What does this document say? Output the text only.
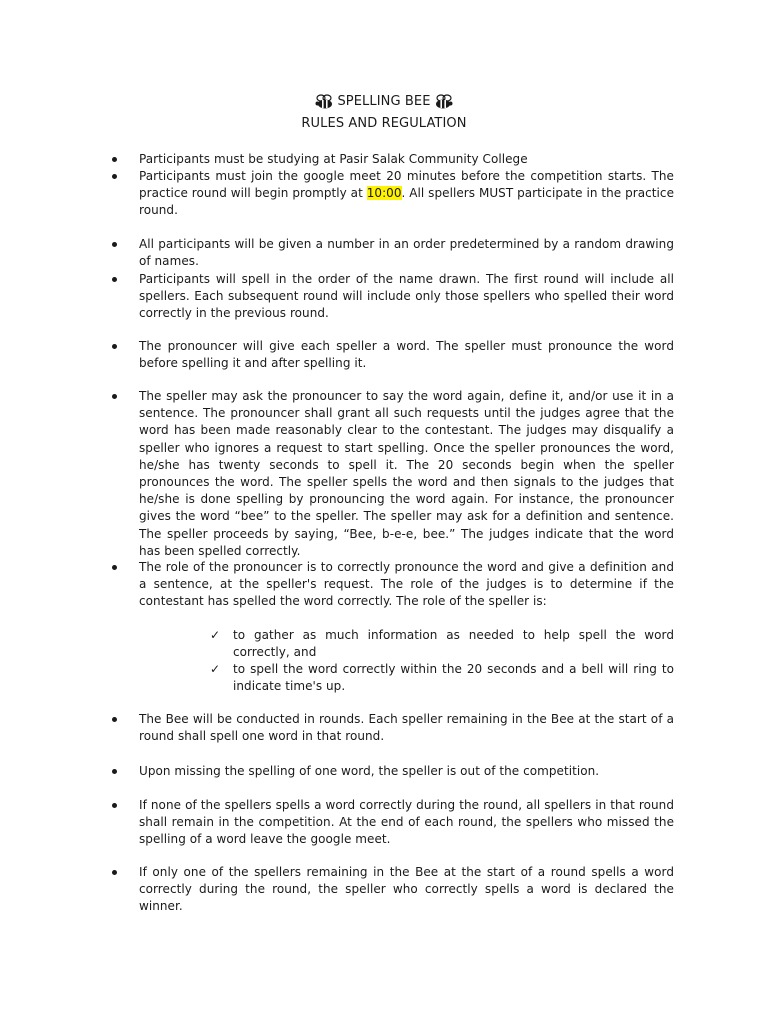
SPELLING BEE
RULES AND REGULATION
Participants must be studying at Pasir Salak Community College
Participants must join the google meet 20 minutes before the competition starts. The practice round will begin promptly at 10:00. All spellers MUST participate in the practice round.
All participants will be given a number in an order predetermined by a random drawing of names.
Participants will spell in the order of the name drawn. The first round will include all spellers. Each subsequent round will include only those spellers who spelled their word correctly in the previous round.
The pronouncer will give each speller a word. The speller must pronounce the word before spelling it and after spelling it.
The speller may ask the pronouncer to say the word again, define it, and/or use it in a sentence. The pronouncer shall grant all such requests until the judges agree that the word has been made reasonably clear to the contestant. The judges may disqualify a speller who ignores a request to start spelling. Once the speller pronounces the word, he/she has twenty seconds to spell it. The 20 seconds begin when the speller pronounces the word. The speller spells the word and then signals to the judges that he/she is done spelling by pronouncing the word again. For instance, the pronouncer gives the word “bee” to the speller. The speller may ask for a definition and sentence. The speller proceeds by saying, “Bee, b-e-e, bee.” The judges indicate that the word has been spelled correctly.
The role of the pronouncer is to correctly pronounce the word and give a definition and a sentence, at the speller's request. The role of the judges is to determine if the contestant has spelled the word correctly. The role of the speller is:
✓ to gather as much information as needed to help spell the word correctly, and
✓ to spell the word correctly within the 20 seconds and a bell will ring to indicate time's up.
The Bee will be conducted in rounds. Each speller remaining in the Bee at the start of a round shall spell one word in that round.
Upon missing the spelling of one word, the speller is out of the competition.
If none of the spellers spells a word correctly during the round, all spellers in that round shall remain in the competition. At the end of each round, the spellers who missed the spelling of a word leave the google meet.
If only one of the spellers remaining in the Bee at the start of a round spells a word correctly during the round, the speller who correctly spells a word is declared the winner.
